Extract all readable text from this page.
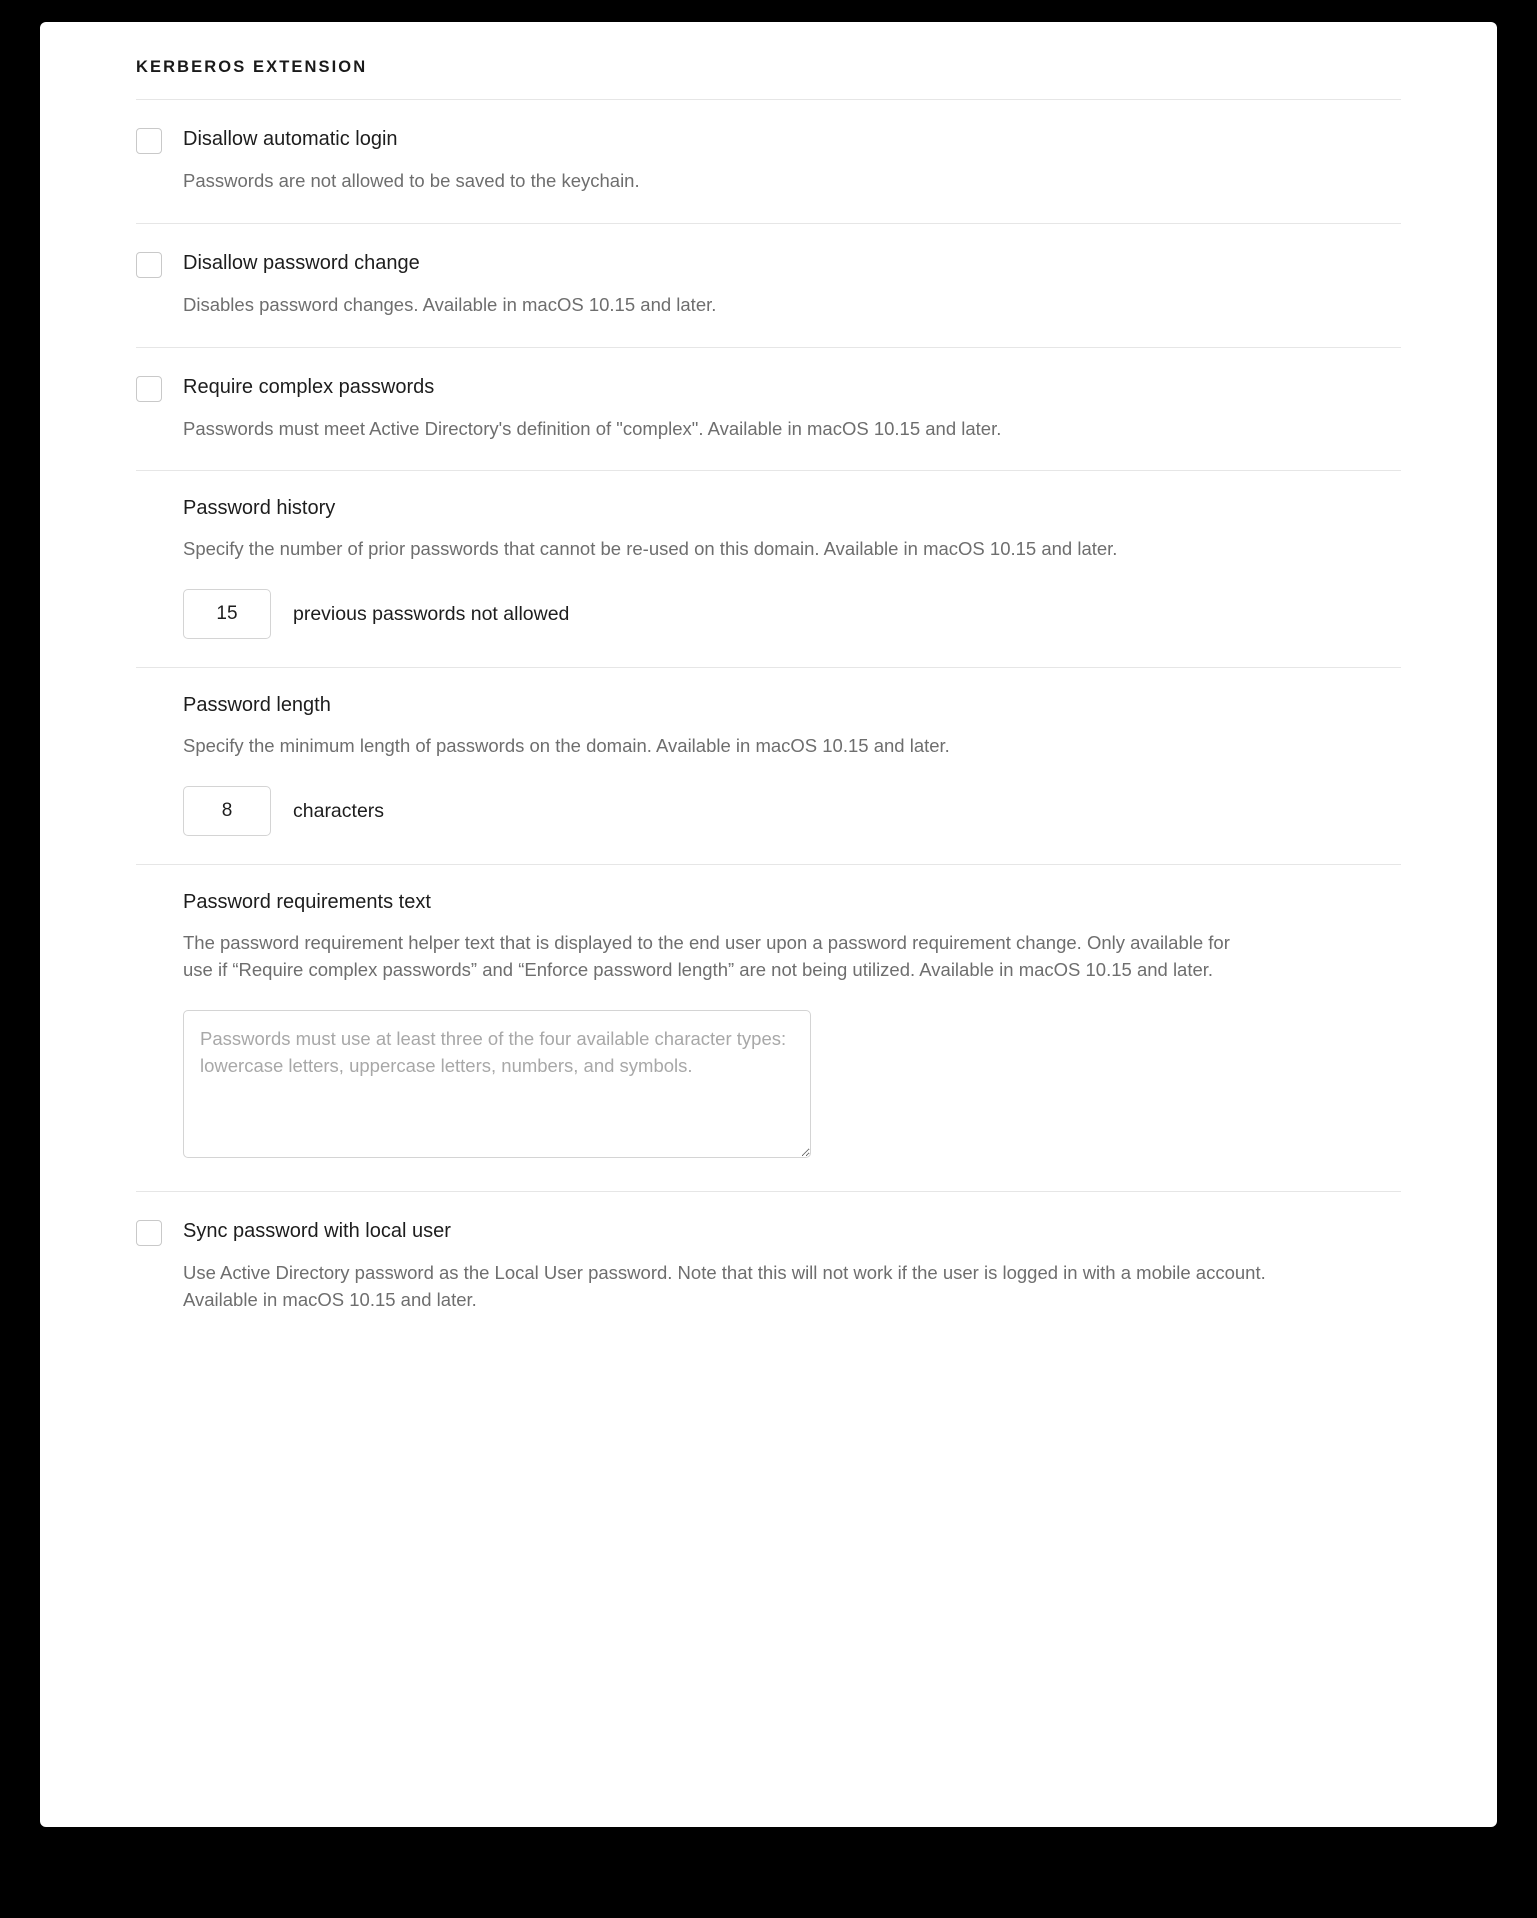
KERBEROS EXTENSION
Disallow automatic login
Passwords are not allowed to be saved to the keychain.
Disallow password change
Disables password changes. Available in macOS 10.15 and later.
Require complex passwords
Passwords must meet Active Directory's definition of "complex". Available in macOS 10.15 and later.
Password history
Specify the number of prior passwords that cannot be re-used on this domain. Available in macOS 10.15 and later.
15
previous passwords not allowed
Password length
Specify the minimum length of passwords on the domain. Available in macOS 10.15 and later.
8
characters
Password requirements text
The password requirement helper text that is displayed to the end user upon a password requirement change. Only available for use if “Require complex passwords” and “Enforce password length” are not being utilized. Available in macOS 10.15 and later.
Passwords must use at least three of the four available character types: lowercase letters, uppercase letters, numbers, and symbols.
Sync password with local user
Use Active Directory password as the Local User password. Note that this will not work if the user is logged in with a mobile account. Available in macOS 10.15 and later.
